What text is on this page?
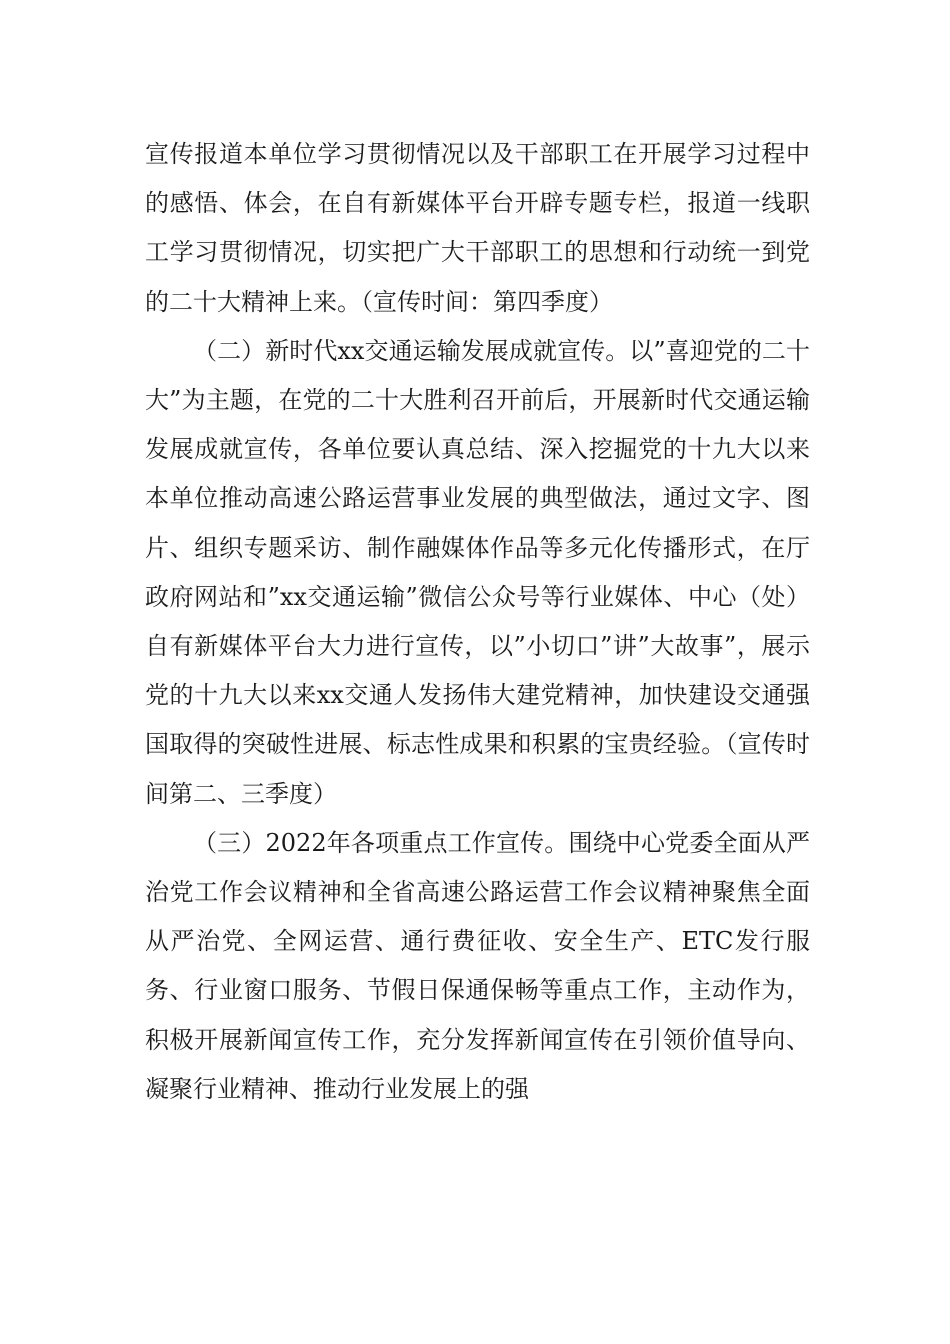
宣传报道本单位学习贯彻情况以及干部职工在开展学习过程中的感悟、体会，在自有新媒体平台开辟专题专栏，报道一线职工学习贯彻情况，切实把广大干部职工的思想和行动统一到党的二十大精神上来。（宣传时间：第四季度）

（二）新时代xx交通运输发展成就宣传。以”喜迎党的二十大”为主题，在党的二十大胜利召开前后，开展新时代交通运输发展成就宣传，各单位要认真总结、深入挖掘党的十九大以来本单位推动高速公路运营事业发展的典型做法，通过文字、图片、组织专题采访、制作融媒体作品等多元化传播形式，在厅政府网站和”xx交通运输”微信公众号等行业媒体、中心（处）自有新媒体平台大力进行宣传，以”小切口”讲”大故事”，展示党的十九大以来xx交通人发扬伟大建党精神，加快建设交通强国取得的突破性进展、标志性成果和积累的宝贵经验。（宣传时间第二、三季度）

（三）2022年各项重点工作宣传。围绕中心党委全面从严治党工作会议精神和全省高速公路运营工作会议精神聚焦全面从严治党、全网运营、通行费征收、安全生产、ETC发行服务、行业窗口服务、节假日保通保畅等重点工作，主动作为，积极开展新闻宣传工作，充分发挥新闻宣传在引领价值导向、凝聚行业精神、推动行业发展上的强
